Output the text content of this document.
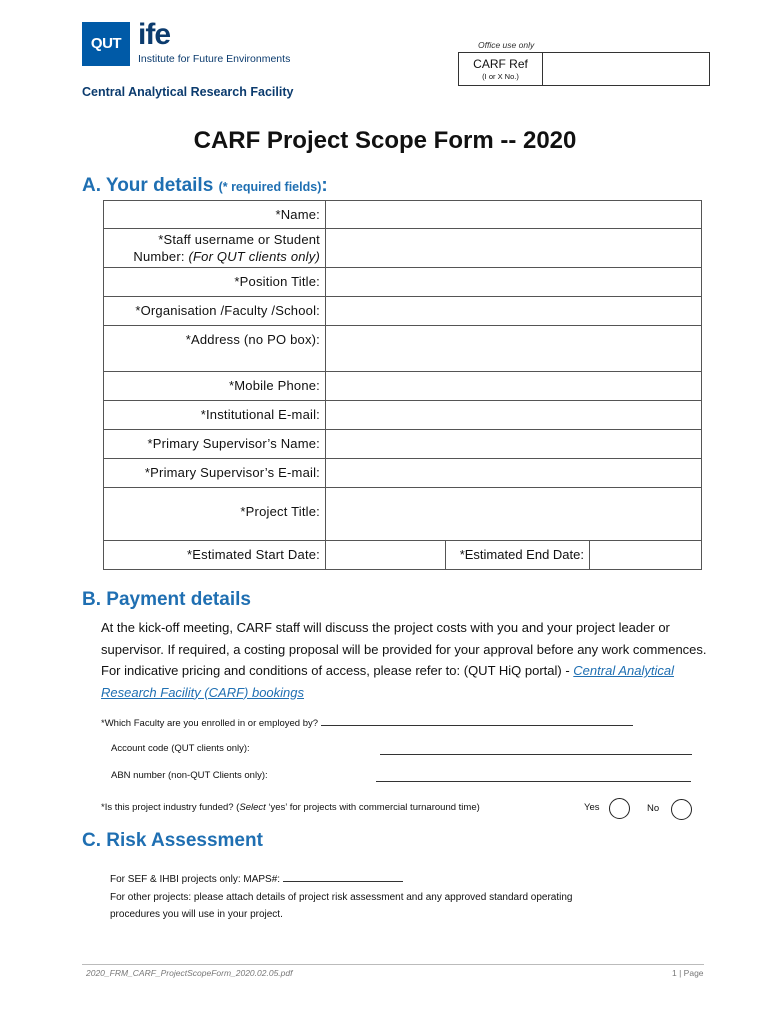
QUT ife
Institute for Future Environments
Central Analytical Research Facility
Office use only
CARF Ref
(I or X No.)
CARF Project Scope Form -- 2020
A. Your details (* required fields):
*Name:			
*Staff username or Student Number: (For QUT clients only)			
*Position Title:			
*Organisation /Faculty /School:			
*Address (no PO box):			
*Mobile Phone:			
*Institutional E-mail:			
*Primary Supervisor’s Name:			
*Primary Supervisor’s E-mail:			
*Project Title:			
*Estimated Start Date:		*Estimated End Date:	
B. Payment details
At the kick-off meeting, CARF staff will discuss the project costs with you and your project leader or supervisor. If required, a costing proposal will be provided for your approval before any work commences. For indicative pricing and conditions of access, please refer to: (QUT HiQ portal) - Central Analytical Research Facility (CARF) bookings
*Which Faculty are you enrolled in or employed by?
Account code (QUT clients only):
ABN number (non-QUT Clients only):
*Is this project industry funded? (Select ‘yes’ for projects with commercial turnaround time)	Yes	No
C. Risk Assessment
For SEF & IHBI projects only: MAPS#:
For other projects: please attach details of project risk assessment and any approved standard operating
procedures you will use in your project.
2020_FRM_CARF_ProjectScopeForm_2020.02.05.pdf	1 | Page
